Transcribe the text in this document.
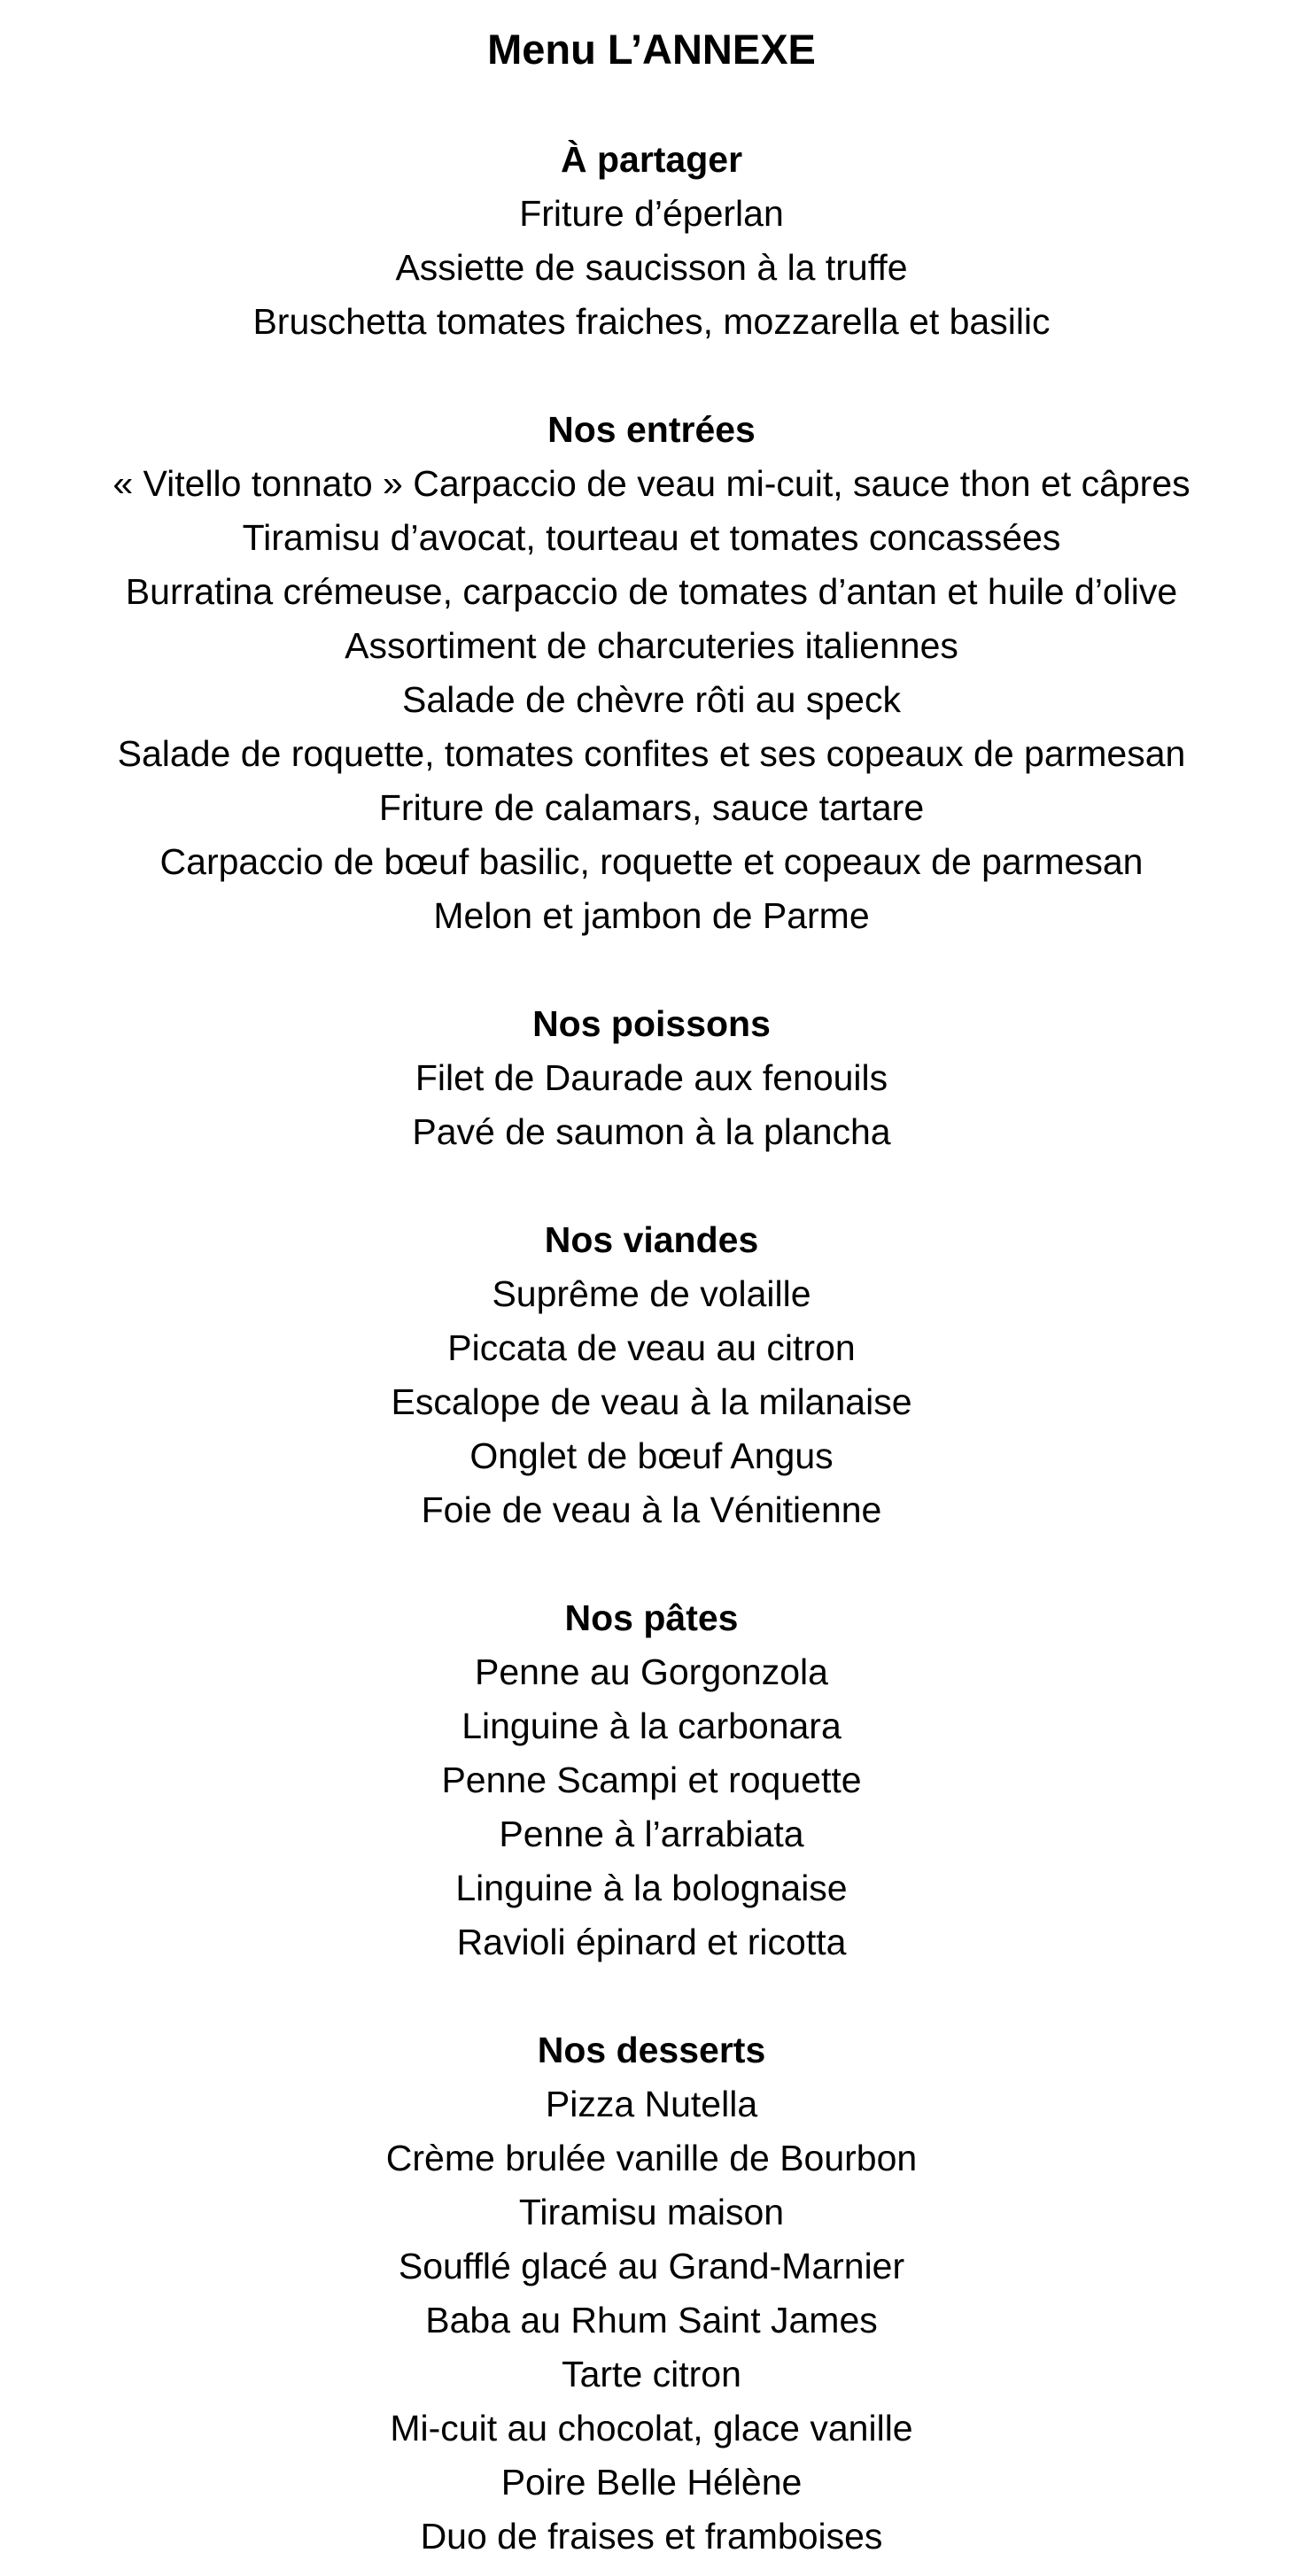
Menu L’ANNEXE
À partager
Friture d’éperlan
Assiette de saucisson à la truffe
Bruschetta tomates fraiches, mozzarella et basilic
Nos entrées
« Vitello tonnato » Carpaccio de veau mi-cuit, sauce thon et câpres
Tiramisu d’avocat, tourteau et tomates concassées
Burratina crémeuse, carpaccio de tomates d’antan et huile d’olive
Assortiment de charcuteries italiennes
Salade de chèvre rôti au speck
Salade de roquette, tomates confites et ses copeaux de parmesan
Friture de calamars, sauce tartare
Carpaccio de bœuf basilic, roquette et copeaux de parmesan
Melon et jambon de Parme
Nos poissons
Filet de Daurade aux fenouils
Pavé de saumon à la plancha
Nos viandes
Suprême de volaille
Piccata de veau au citron
Escalope de veau à la milanaise
Onglet de bœuf Angus
Foie de veau à la Vénitienne
Nos pâtes
Penne au Gorgonzola
Linguine à la carbonara
Penne Scampi et roquette
Penne à l’arrabiata
Linguine à la bolognaise
Ravioli épinard et ricotta
Nos desserts
Pizza Nutella
Crème brulée vanille de Bourbon
Tiramisu maison
Soufflé glacé au Grand-Marnier
Baba au Rhum Saint James
Tarte citron
Mi-cuit au chocolat, glace vanille
Poire Belle Hélène
Duo de fraises et framboises
